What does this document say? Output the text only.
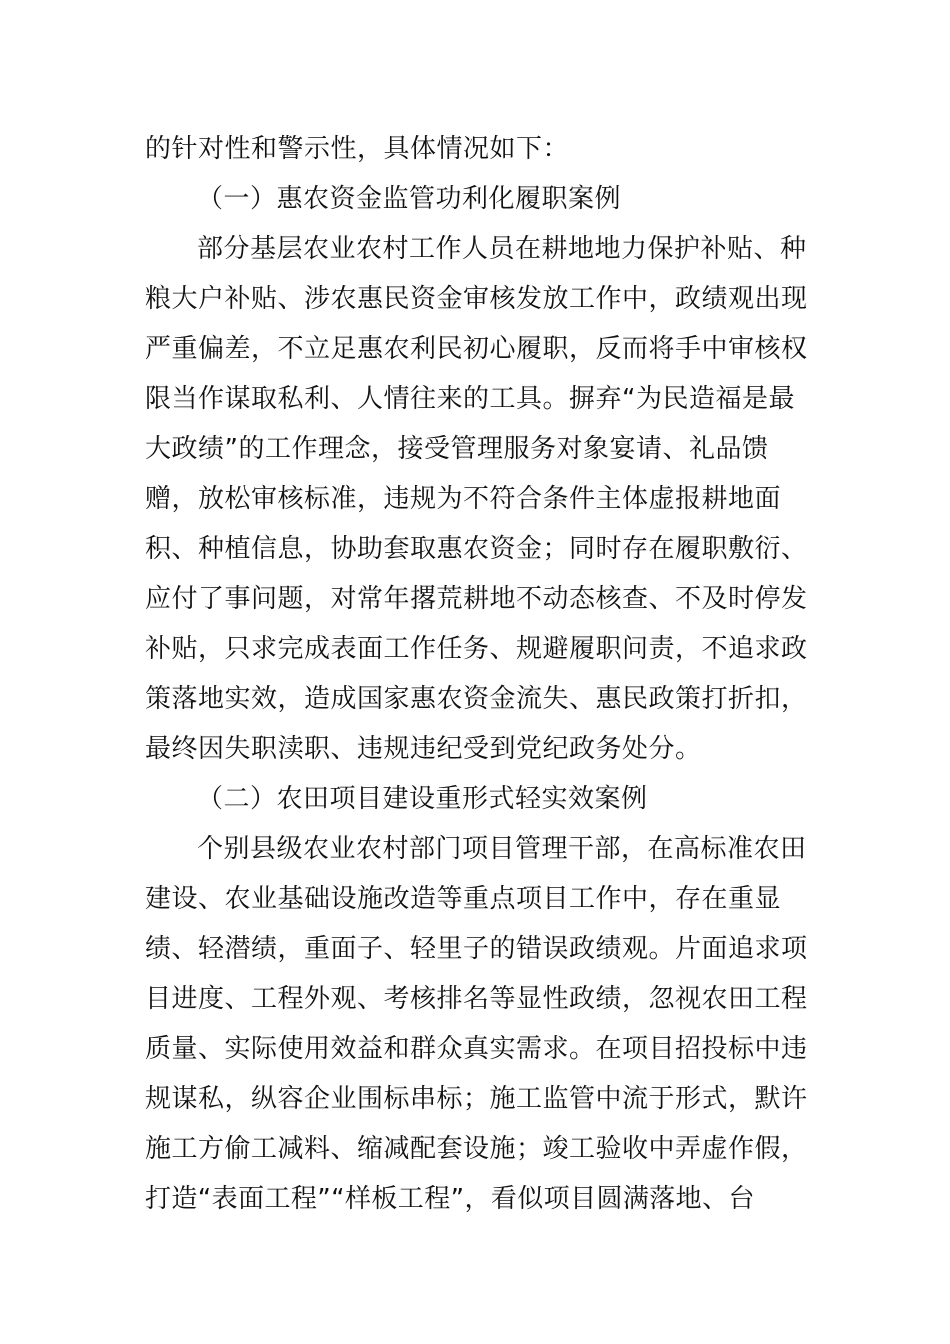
的针对性和警示性，具体情况如下：
（一）惠农资金监管功利化履职案例
部分基层农业农村工作人员在耕地地力保护补贴、种
粮大户补贴、涉农惠民资金审核发放工作中，政绩观出现
严重偏差，不立足惠农利民初心履职，反而将手中审核权
限当作谋取私利、人情往来的工具。摒弃“为民造福是最
大政绩”的工作理念，接受管理服务对象宴请、礼品馈
赠，放松审核标准，违规为不符合条件主体虚报耕地面
积、种植信息，协助套取惠农资金；同时存在履职敷衍、
应付了事问题，对常年撂荒耕地不动态核查、不及时停发
补贴，只求完成表面工作任务、规避履职问责，不追求政
策落地实效，造成国家惠农资金流失、惠民政策打折扣，
最终因失职渎职、违规违纪受到党纪政务处分。
（二）农田项目建设重形式轻实效案例
个别县级农业农村部门项目管理干部，在高标准农田
建设、农业基础设施改造等重点项目工作中，存在重显
绩、轻潜绩，重面子、轻里子的错误政绩观。片面追求项
目进度、工程外观、考核排名等显性政绩，忽视农田工程
质量、实际使用效益和群众真实需求。在项目招投标中违
规谋私，纵容企业围标串标；施工监管中流于形式，默许
施工方偷工减料、缩减配套设施；竣工验收中弄虚作假，
打造“表面工程”“样板工程”，看似项目圆满落地、台
